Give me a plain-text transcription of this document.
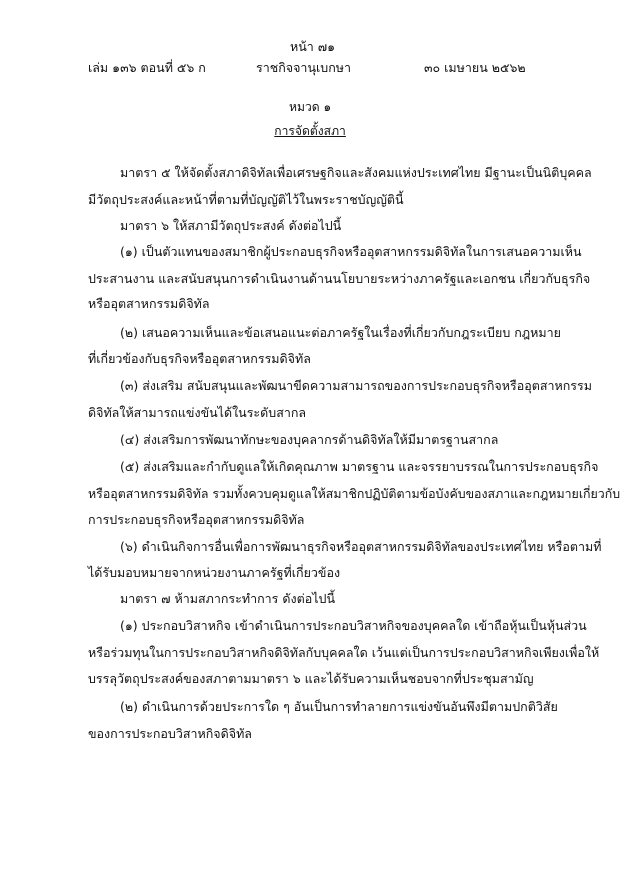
หน้า ๗๑
เล่ม ๑๓๖ ตอนที่ ๕๖ ก	ราชกิจจานุเบกษา	๓๐ เมษายน ๒๕๖๒
หมวด ๑
การจัดตั้งสภา
มาตรา ๕ ให้จัดตั้งสภาดิจิทัลเพื่อเศรษฐกิจและสังคมแห่งประเทศไทย มีฐานะเป็นนิติบุคคล
มีวัตถุประสงค์และหน้าที่ตามที่บัญญัติไว้ในพระราชบัญญัตินี้
มาตรา ๖ ให้สภามีวัตถุประสงค์ ดังต่อไปนี้
(๑) เป็นตัวแทนของสมาชิกผู้ประกอบธุรกิจหรืออุตสาหกรรมดิจิทัลในการเสนอความเห็น
ประสานงาน และสนับสนุนการดำเนินงานด้านนโยบายระหว่างภาครัฐและเอกชน เกี่ยวกับธุรกิจ
หรืออุตสาหกรรมดิจิทัล
(๒) เสนอความเห็นและข้อเสนอแนะต่อภาครัฐในเรื่องที่เกี่ยวกับกฎระเบียบ กฎหมาย
ที่เกี่ยวข้องกับธุรกิจหรืออุตสาหกรรมดิจิทัล
(๓) ส่งเสริม สนับสนุนและพัฒนาขีดความสามารถของการประกอบธุรกิจหรืออุตสาหกรรม
ดิจิทัลให้สามารถแข่งขันได้ในระดับสากล
(๔) ส่งเสริมการพัฒนาทักษะของบุคลากรด้านดิจิทัลให้มีมาตรฐานสากล
(๕) ส่งเสริมและกำกับดูแลให้เกิดคุณภาพ มาตรฐาน และจรรยาบรรณในการประกอบธุรกิจ
หรืออุตสาหกรรมดิจิทัล รวมทั้งควบคุมดูแลให้สมาชิกปฏิบัติตามข้อบังคับของสภาและกฎหมายเกี่ยวกับ
การประกอบธุรกิจหรืออุตสาหกรรมดิจิทัล
(๖) ดำเนินกิจการอื่นเพื่อการพัฒนาธุรกิจหรืออุตสาหกรรมดิจิทัลของประเทศไทย หรือตามที่
ได้รับมอบหมายจากหน่วยงานภาครัฐที่เกี่ยวข้อง
มาตรา ๗ ห้ามสภากระทำการ ดังต่อไปนี้
(๑) ประกอบวิสาหกิจ เข้าดำเนินการประกอบวิสาหกิจของบุคคลใด เข้าถือหุ้นเป็นหุ้นส่วน
หรือร่วมทุนในการประกอบวิสาหกิจดิจิทัลกับบุคคลใด เว้นแต่เป็นการประกอบวิสาหกิจเพียงเพื่อให้
บรรลุวัตถุประสงค์ของสภาตามมาตรา ๖ และได้รับความเห็นชอบจากที่ประชุมสามัญ
(๒) ดำเนินการด้วยประการใด ๆ อันเป็นการทำลายการแข่งขันอันพึงมีตามปกติวิสัย
ของการประกอบวิสาหกิจดิจิทัล
